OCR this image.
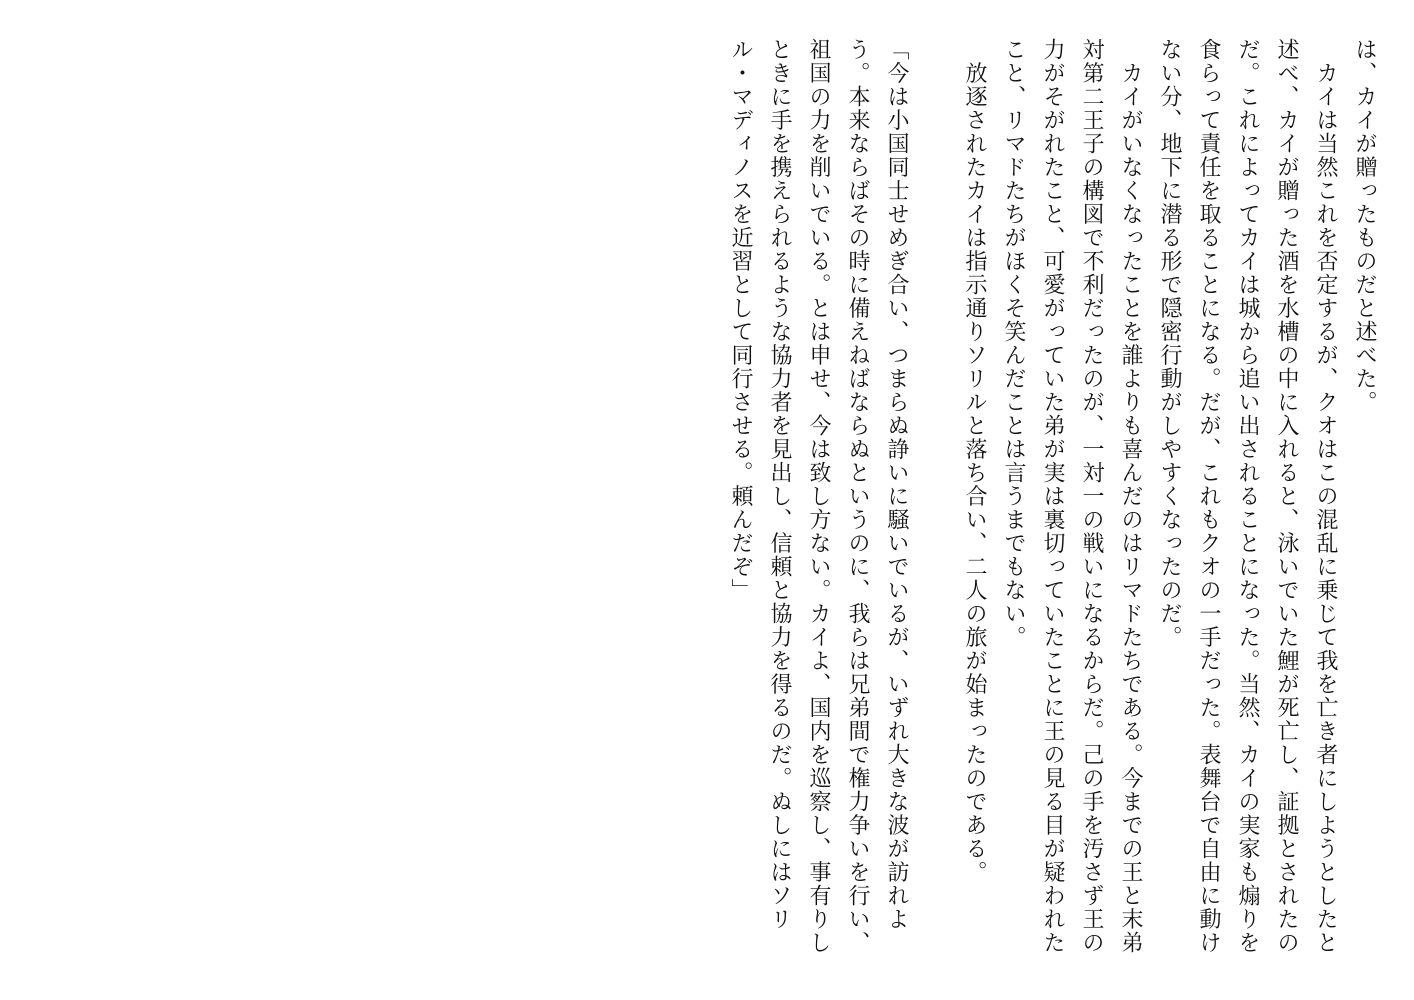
は、カイが贈ったものだと述べた。

　カイは当然これを否定するが、クオはこの混乱に乗じて我を亡き者にしようとしたと述べ、カイが贈った酒を水槽の中に入れると、泳いでいた鯉が死亡し、証拠とされたのだ。これによってカイは城から追い出されることになった。当然、カイの実家も煽りを食らって責任を取ることになる。だが、これもクオの一手だった。表舞台で自由に動けない分、地下に潜る形で隠密行動がしやすくなったのだ。

　カイがいなくなったことを誰よりも喜んだのはリマドたちである。今までの王と末弟対第二王子の構図で不利だったのが、一対一の戦いになるからだ。己の手を汚さず王の力がそがれたこと、可愛がっていた弟が実は裏切っていたことに王の見る目が疑われたこと、リマドたちがほくそ笑んだことは言うまでもない。

　放逐されたカイは指示通りソリルと落ち合い、二人の旅が始まったのである。

「今は小国同士せめぎ合い、つまらぬ諍いに騒いでいるが、いずれ大きな波が訪れよう。本来ならばその時に備えねばならぬというのに、我らは兄弟間で権力争いを行い、祖国の力を削いでいる。とは申せ、今は致し方ない。カイよ、国内を巡察し、事有りしときに手を携えられるような協力者を見出し、信頼と協力を得るのだ。ぬしにはソリル・マディノスを近習として同行させる。頼んだぞ」
